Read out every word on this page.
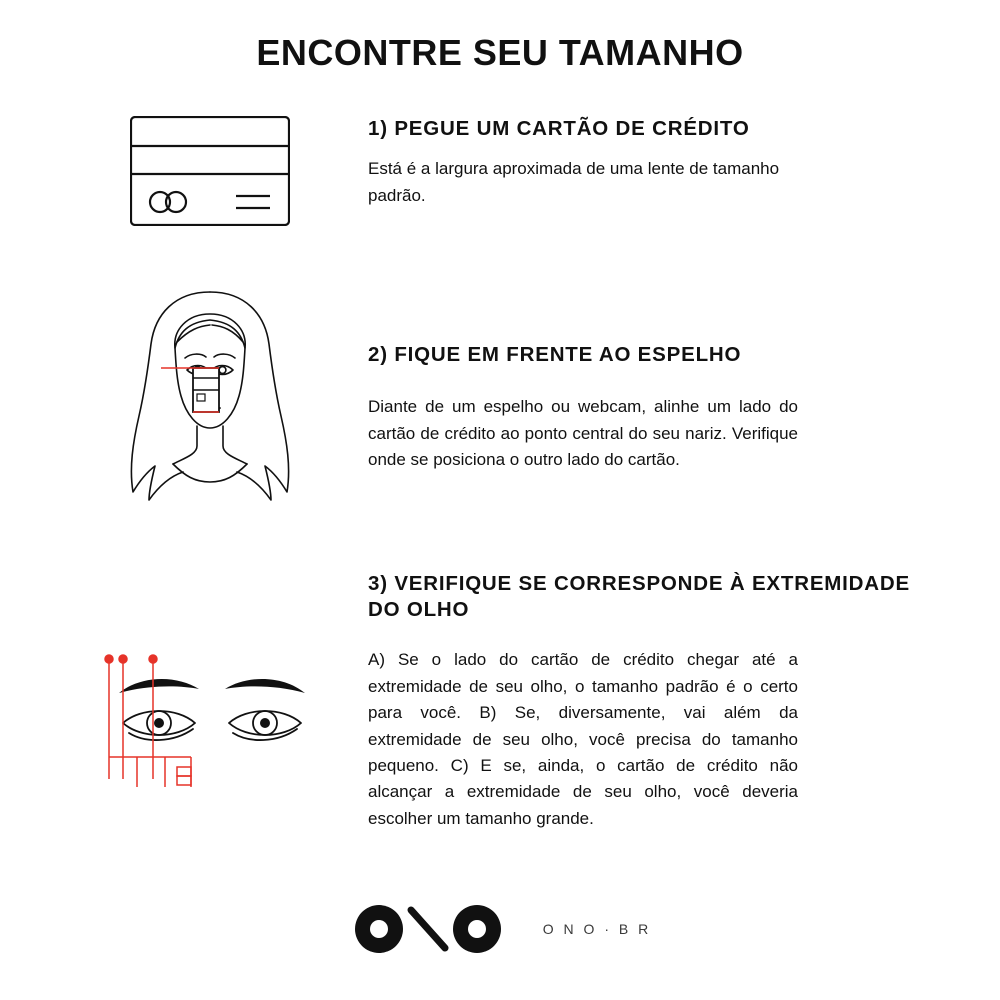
ENCONTRE SEU TAMANHO
1) PEGUE UM CARTÃO DE CRÉDITO

Está é a largura aproximada de uma lente de tamanho padrão.

2) FIQUE EM FRENTE AO ESPELHO

Diante de um espelho ou webcam, alinhe um lado do cartão de crédito ao ponto central do seu nariz. Verifique onde se posiciona o outro lado do cartão.

3) VERIFIQUE SE CORRESPONDE À EXTREMIDADE DO OLHO

A) Se o lado do cartão de crédito chegar até a extremidade de seu olho, o tamanho padrão é o certo para você. B) Se, diversamente, vai além da extremidade de seu olho, você precisa do tamanho pequeno. C) E se, ainda, o cartão de crédito não alcançar a extremidade de seu olho, você deveria escolher um tamanho grande.

O N O · B R
